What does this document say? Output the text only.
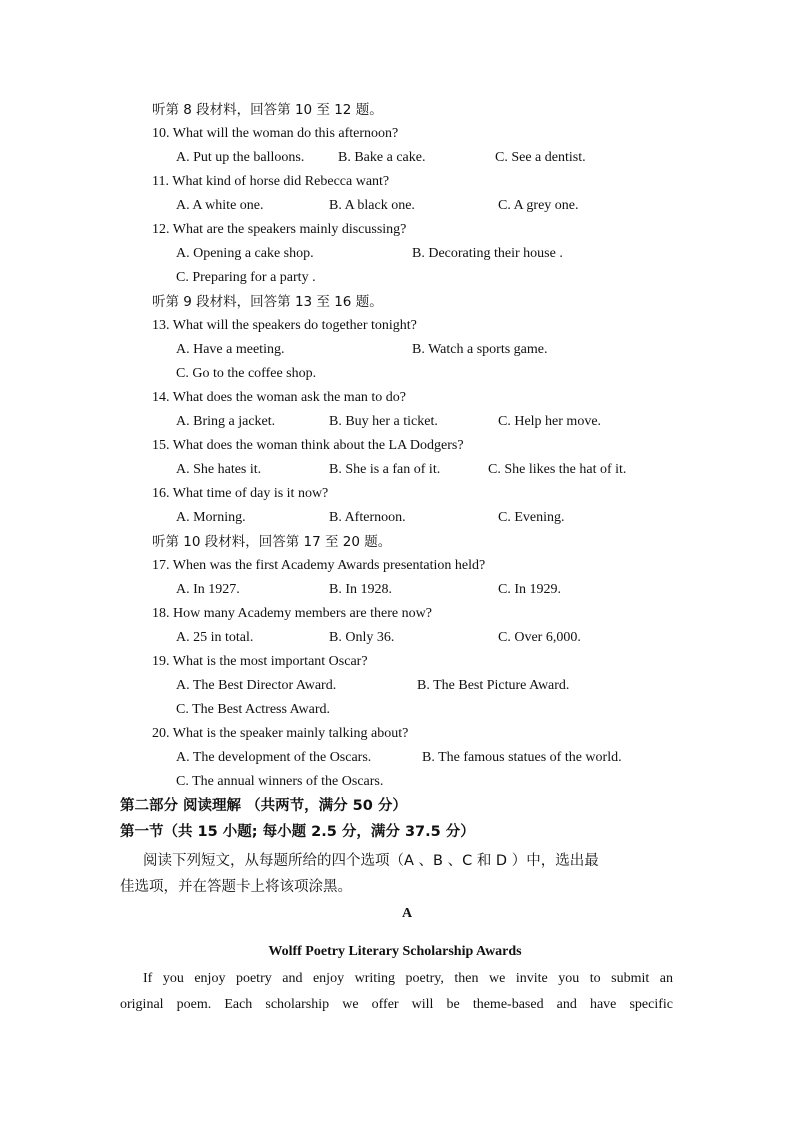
听第 8 段材料，回答第 10 至 12 题。
10. What will the woman do this afternoon?
A. Put up the balloons. B. Bake a cake.	C. See a dentist.
11. What kind of horse did Rebecca want?
A. A white one.	B. A black one.	C. A grey one.
12. What are the speakers mainly discussing?
A. Opening a cake shop.	B. Decorating their house .
C. Preparing for a party .
听第 9 段材料，回答第 13 至 16 题。
13. What will the speakers do together tonight?
A. Have a meeting.	B. Watch a sports game.
C. Go to the coffee shop.
14. What does the woman ask the man to do?
A. Bring a jacket.	B. Buy her a ticket.	C. Help her move.
15. What does the woman think about the LA Dodgers?
A. She hates it.	B. She is a fan of it.	C. She likes the hat of it.
16. What time of day is it now?
A. Morning.	B. Afternoon.	C. Evening.
听第 10 段材料，回答第 17 至 20 题。
17. When was the first Academy Awards presentation held?
A. In 1927.	B. In 1928.	C. In 1929.
18. How many Academy members are there now?
A. 25 in total.	B. Only 36.	C. Over 6,000.
19. What is the most important Oscar?
A. The Best Director Award.	B. The Best Picture Award.
C. The Best Actress Award.
20. What is the speaker mainly talking about?
A. The development of the Oscars.	B. The famous statues of the world.
C. The annual winners of the Oscars.
第二部分 阅读理解 （共两节，满分 50 分）
第一节（共 15 小题; 每小题 2.5 分，满分 37.5 分）
阅读下列短文，从每题所给的四个选项（A 、B 、C 和 D ）中，选出最
佳选项，并在答题卡上将该项涂黑。
A
Wolff Poetry Literary Scholarship Awards
If you enjoy poetry and enjoy writing poetry, then we invite you to submit an
original poem. Each scholarship we offer will be theme-based and have specific
